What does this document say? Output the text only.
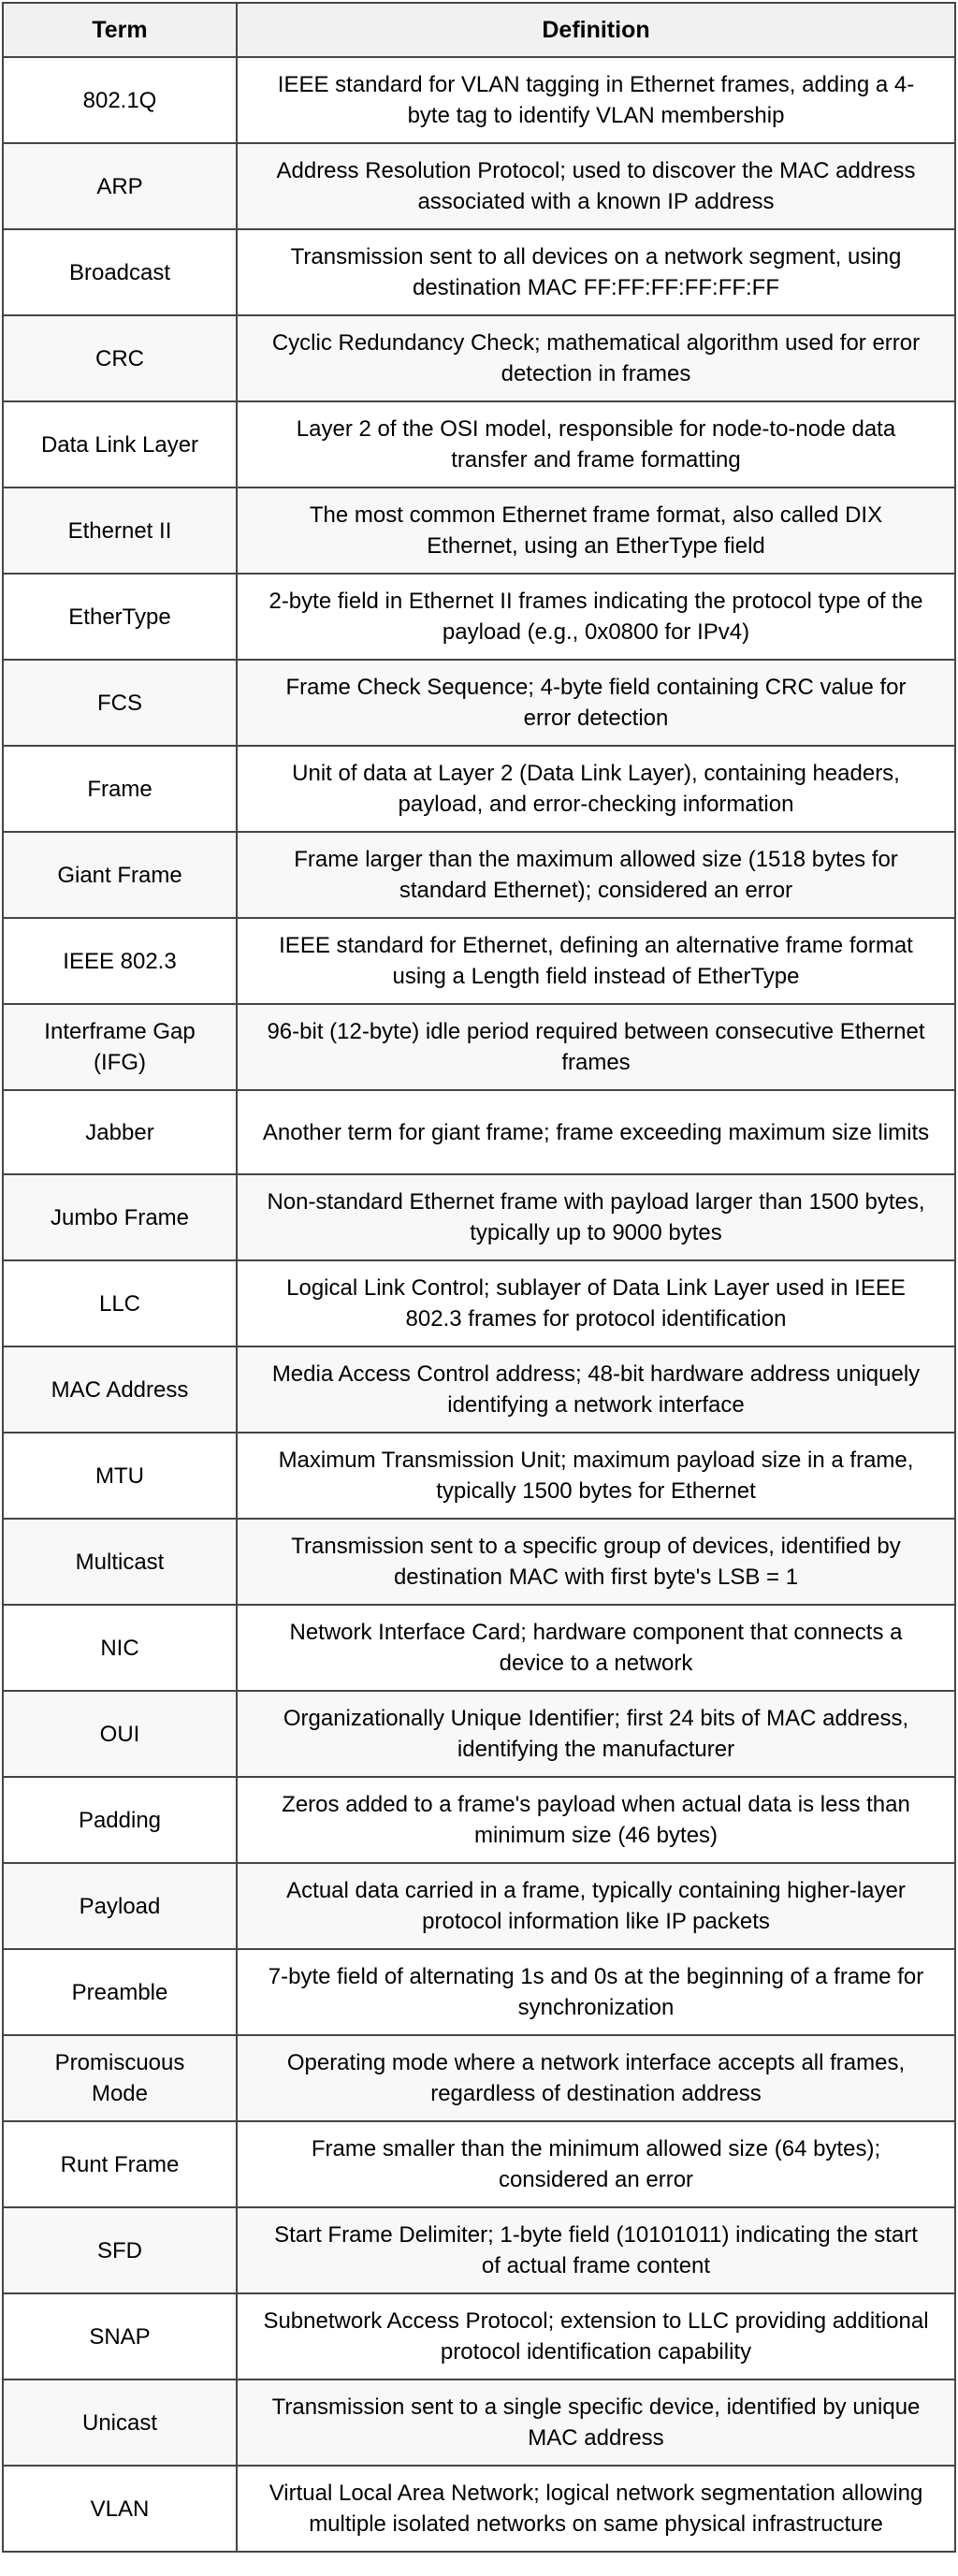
Term	Definition
802.1Q	IEEE standard for VLAN tagging in Ethernet frames, adding a 4-byte tag to identify VLAN membership
ARP	Address Resolution Protocol; used to discover the MAC address associated with a known IP address
Broadcast	Transmission sent to all devices on a network segment, using destination MAC FF:FF:FF:FF:FF:FF
CRC	Cyclic Redundancy Check; mathematical algorithm used for error detection in frames
Data Link Layer	Layer 2 of the OSI model, responsible for node-to-node data transfer and frame formatting
Ethernet II	The most common Ethernet frame format, also called DIX Ethernet, using an EtherType field
EtherType	2-byte field in Ethernet II frames indicating the protocol type of the payload (e.g., 0x0800 for IPv4)
FCS	Frame Check Sequence; 4-byte field containing CRC value for error detection
Frame	Unit of data at Layer 2 (Data Link Layer), containing headers, payload, and error-checking information
Giant Frame	Frame larger than the maximum allowed size (1518 bytes for standard Ethernet); considered an error
IEEE 802.3	IEEE standard for Ethernet, defining an alternative frame format using a Length field instead of EtherType
Interframe Gap (IFG)	96-bit (12-byte) idle period required between consecutive Ethernet frames
Jabber	Another term for giant frame; frame exceeding maximum size limits
Jumbo Frame	Non-standard Ethernet frame with payload larger than 1500 bytes, typically up to 9000 bytes
LLC	Logical Link Control; sublayer of Data Link Layer used in IEEE 802.3 frames for protocol identification
MAC Address	Media Access Control address; 48-bit hardware address uniquely identifying a network interface
MTU	Maximum Transmission Unit; maximum payload size in a frame, typically 1500 bytes for Ethernet
Multicast	Transmission sent to a specific group of devices, identified by destination MAC with first byte's LSB = 1
NIC	Network Interface Card; hardware component that connects a device to a network
OUI	Organizationally Unique Identifier; first 24 bits of MAC address, identifying the manufacturer
Padding	Zeros added to a frame's payload when actual data is less than minimum size (46 bytes)
Payload	Actual data carried in a frame, typically containing higher-layer protocol information like IP packets
Preamble	7-byte field of alternating 1s and 0s at the beginning of a frame for synchronization
Promiscuous Mode	Operating mode where a network interface accepts all frames, regardless of destination address
Runt Frame	Frame smaller than the minimum allowed size (64 bytes); considered an error
SFD	Start Frame Delimiter; 1-byte field (10101011) indicating the start of actual frame content
SNAP	Subnetwork Access Protocol; extension to LLC providing additional protocol identification capability
Unicast	Transmission sent to a single specific device, identified by unique MAC address
VLAN	Virtual Local Area Network; logical network segmentation allowing multiple isolated networks on same physical infrastructure
